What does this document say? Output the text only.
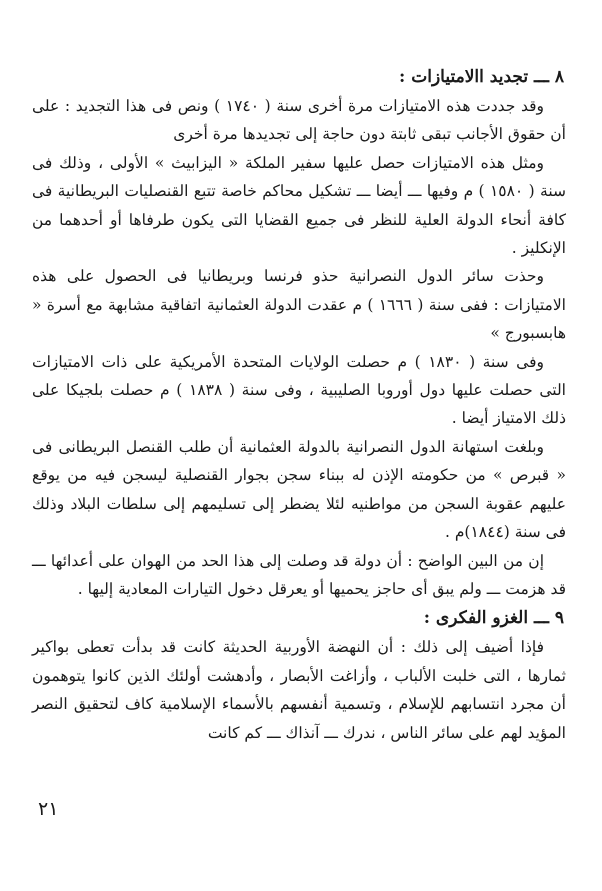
٨ ـــ تجديد االامتيازات :

وقد جددت هذه الامتيازات مرة أخرى سنة ( ١٧٤٠ ) ونص فى هذا التجديد : على أن حقوق الأجانب تبقى ثابتة دون حاجة إلى تجديدها مرة أخرى

ومثل هذه الامتيازات حصل عليها سفير الملكة « اليزابيث » الأولى ، وذلك فى سنة ( ١٥٨٠ ) م وفيها ـــ أيضا ـــ تشكيل محاكم خاصة تتبع القنصليات البريطانية فى كافة أنحاء الدولة العلية للنظر فى جميع القضايا التى يكون طرفاها أو أحدهما من الإنكليز .

وحذت سائر الدول النصرانية حذو فرنسا وبريطانيا فى الحصول على هذه الامتيازات : ففى سنة ( ١٦٦٦ ) م عقدت الدولة العثمانية اتفاقية مشابهة مع أسرة « هابسبورج »

وفى سنة ( ١٨٣٠ ) م حصلت الولايات المتحدة الأمريكية على ذات الامتيازات التى حصلت عليها دول أوروبا الصليبية ، وفى سنة ( ١٨٣٨ ) م حصلت بلجيكا على ذلك الامتياز أيضا .

وبلغت استهانة الدول النصرانية بالدولة العثمانية أن طلب القنصل البريطانى فى « قبرص » من حكومته الإذن له ببناء سجن بجوار القنصلية ليسجن فيه من يوقع عليهم عقوبة السجن من مواطنيه لئلا يضطر إلى تسليمهم إلى سلطات البلاد وذلك فى سنة (١٨٤٤)م .

إن من البين الواضح : أن دولة قد وصلت إلى هذا الحد من الهوان على أعدائها ـــ قد هزمت ـــ ولم يبق أى حاجز يحميها أو يعرقل دخول التيارات المعادية إليها .

٩ ـــ الغزو الفكرى :

فإذا أضيف إلى ذلك : أن النهضة الأوربية الحديثة كانت قد بدأت تعطى بواكير ثمارها ، التى خلبت الألباب ، وأزاغت الأبصار ، وأدهشت أولئك الذين كانوا يتوهمون أن مجرد انتسابهم للإسلام ، وتسمية أنفسهم بالأسماء الإسلامية كاف لتحقيق النصر المؤيد لهم على سائر الناس ، ندرك ـــ آنذاك ـــ كم كانت

٢١
